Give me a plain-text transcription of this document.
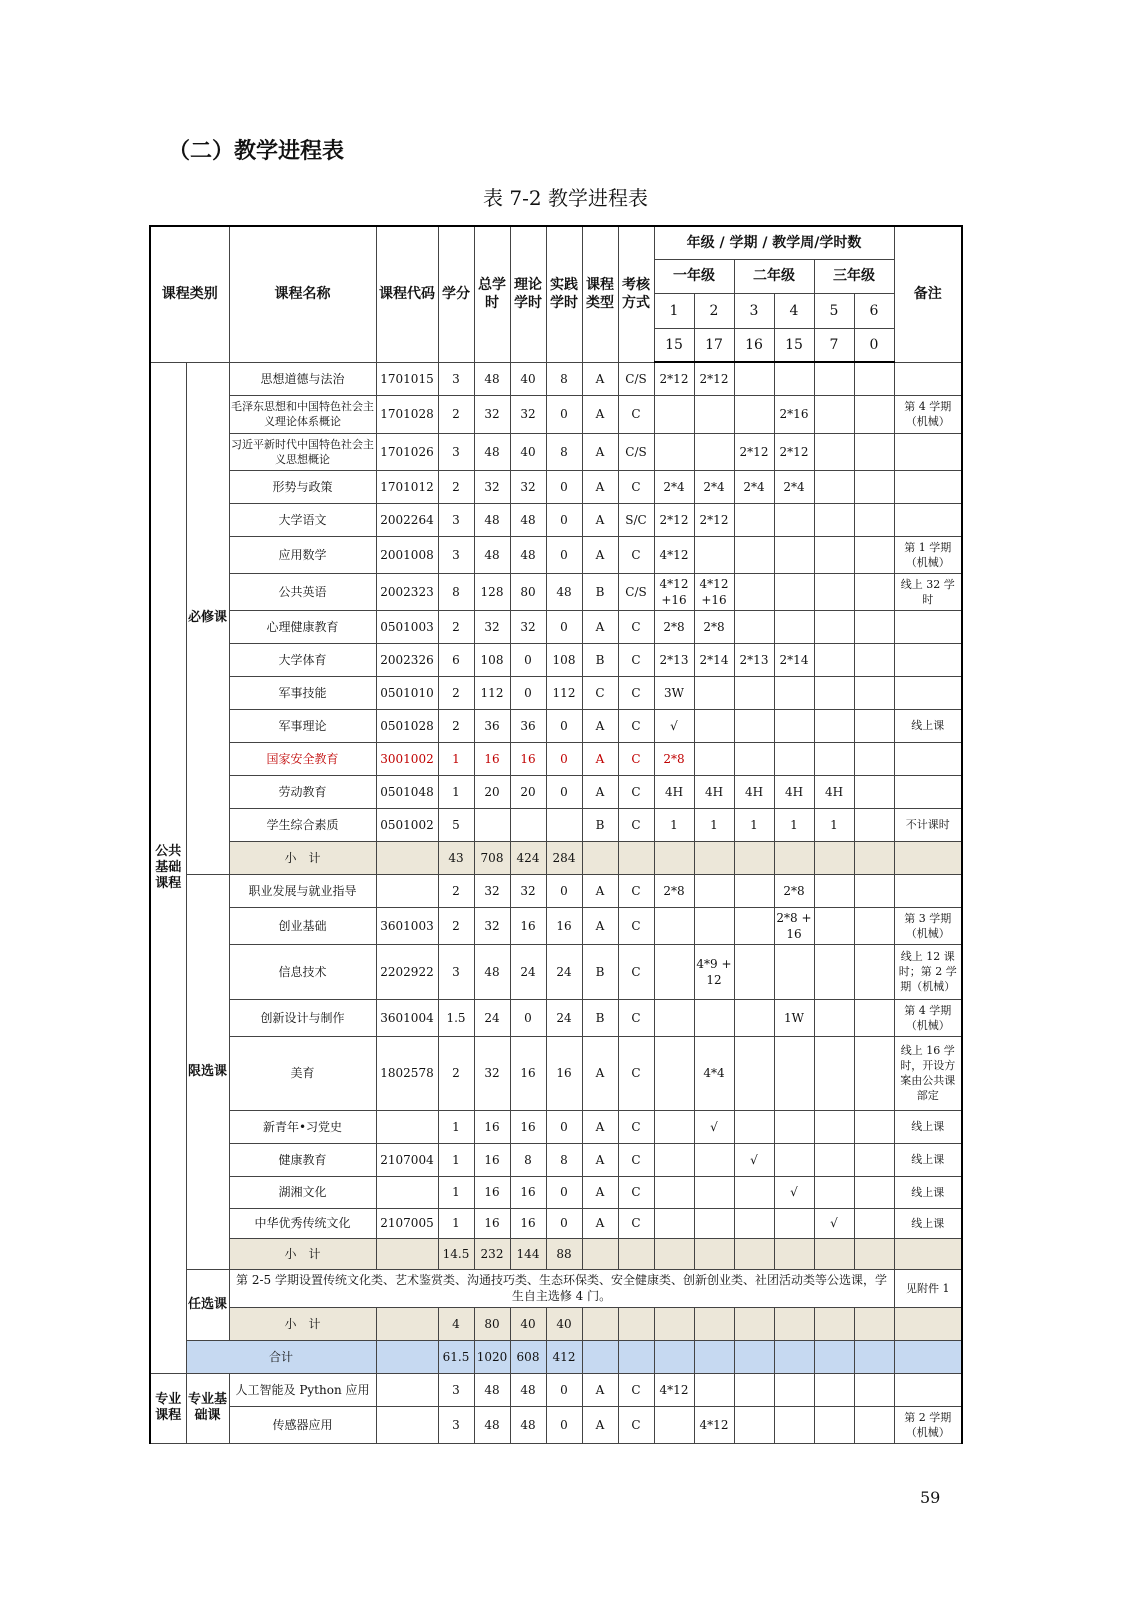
（二）教学进程表
表 7-2 教学进程表
课程类别		课程名称	课程代码	学分	总学时	理论学时	实践学时	课程类型	考核方式	年级 / 学期 / 教学周/学时数						备注
										一年级		二年级		三年级		
										1	2	3	4	5	6	
										15	17	16	15	7	0	
公共基础课程	必修课	思想道德与法治	1701015	3	48	40	8	A	C/S	2*12	2*12					
		毛泽东思想和中国特色社会主义理论体系概论	1701028	2	32	32	0	A	C				2*16			第 4 学期（机械）
		习近平新时代中国特色社会主义思想概论	1701026	3	48	40	8	A	C/S			2*12	2*12			
		形势与政策	1701012	2	32	32	0	A	C	2*4	2*4	2*4	2*4			
		大学语文	2002264	3	48	48	0	A	S/C	2*12	2*12					
		应用数学	2001008	3	48	48	0	A	C	4*12						第 1 学期（机械）
		公共英语	2002323	8	128	80	48	B	C/S	4*12 +16	4*12 +16					线上 32 学时
		心理健康教育	0501003	2	32	32	0	A	C	2*8	2*8					
		大学体育	2002326	6	108	0	108	B	C	2*13	2*14	2*13	2*14			
		军事技能	0501010	2	112	0	112	C	C	3W						
		军事理论	0501028	2	36	36	0	A	C	√						线上课
		国家安全教育	3001002	1	16	16	0	A	C	2*8						
		劳动教育	0501048	1	20	20	0	A	C	4H	4H	4H	4H	4H		
		学生综合素质	0501002	5				B	C	1	1	1	1	1		不计课时
		小　计		43	708	424	284									
	限选课	职业发展与就业指导		2	32	32	0	A	C	2*8			2*8			
		创业基础	3601003	2	32	16	16	A	C				2*8 +16			第 3 学期（机械）
		信息技术	2202922	3	48	24	24	B	C		4*9 +12					线上 12 课时；第 2 学期（机械）
		创新设计与制作	3601004	1.5	24	0	24	B	C				1W			第 4 学期（机械）
		美育	1802578	2	32	16	16	A	C		4*4					线上 16 学时，开设方案由公共课部定
		新青年•习党史		1	16	16	0	A	C		√					线上课
		健康教育	2107004	1	16	8	8	A	C			√				线上课
		湖湘文化		1	16	16	0	A	C				√			线上课
		中华优秀传统文化	2107005	1	16	16	0	A	C					√		线上课
		小　计		14.5	232	144	88									
	任选课	第 2-5 学期设置传统文化类、艺术鉴赏类、沟通技巧类、生态环保类、安全健康类、创新创业类、社团活动类等公选课，学生自主选修 4 门。														见附件 1
		小　计		4	80	40	40									
	合计			61.5	1020	608	412									
专业课程	专业基础课	人工智能及 Python 应用		3	48	48	0	A	C	4*12						
		传感器应用		3	48	48	0	A	C		4*12					第 2 学期（机械）
59
